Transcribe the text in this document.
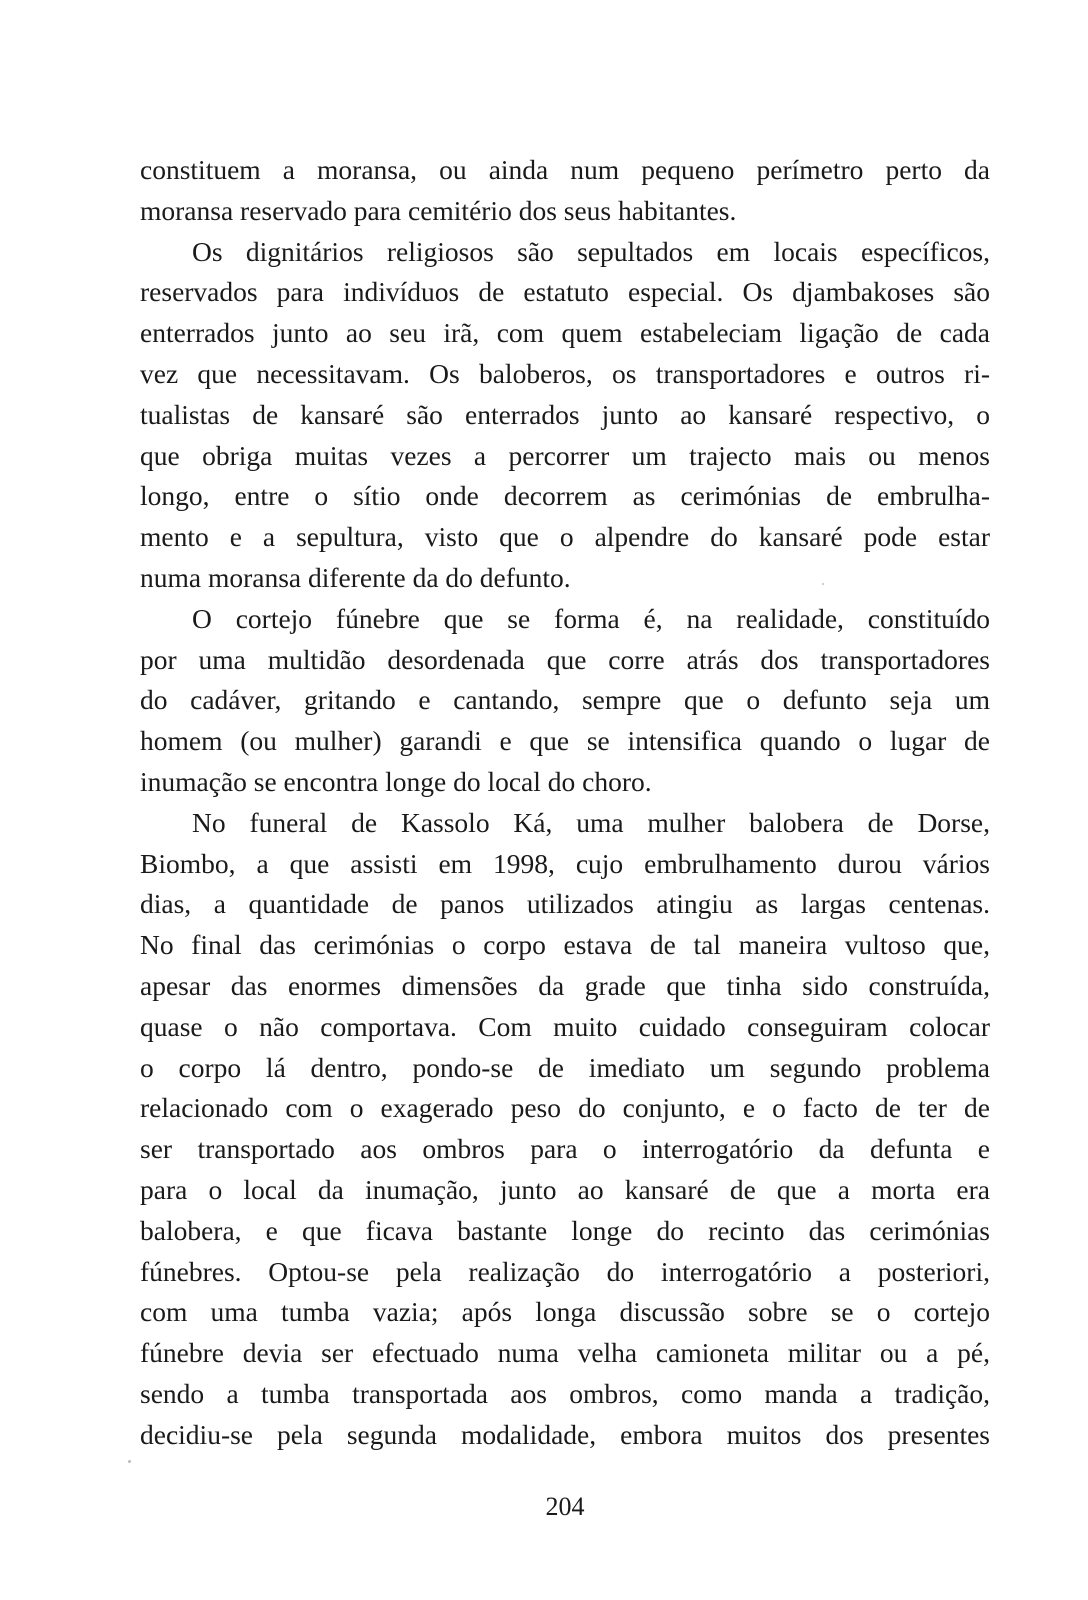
constituem a moransa, ou ainda num pequeno perímetro perto da
moransa reservado para cemitério dos seus habitantes.
Os dignitários religiosos são sepultados em locais específicos,
reservados para indivíduos de estatuto especial. Os djambakoses são
enterrados junto ao seu irã, com quem estabeleciam ligação de cada
vez que necessitavam. Os baloberos, os transportadores e outros ri-
tualistas de kansaré são enterrados junto ao kansaré respectivo, o
que obriga muitas vezes a percorrer um trajecto mais ou menos
longo, entre o sítio onde decorrem as cerimónias de embrulha-
mento e a sepultura, visto que o alpendre do kansaré pode estar
numa moransa diferente da do defunto.
O cortejo fúnebre que se forma é, na realidade, constituído
por uma multidão desordenada que corre atrás dos transportadores
do cadáver, gritando e cantando, sempre que o defunto seja um
homem (ou mulher) garandi e que se intensifica quando o lugar de
inumação se encontra longe do local do choro.
No funeral de Kassolo Ká, uma mulher balobera de Dorse,
Biombo, a que assisti em 1998, cujo embrulhamento durou vários
dias, a quantidade de panos utilizados atingiu as largas centenas.
No final das cerimónias o corpo estava de tal maneira vultoso que,
apesar das enormes dimensões da grade que tinha sido construída,
quase o não comportava. Com muito cuidado conseguiram colocar
o corpo lá dentro, pondo-se de imediato um segundo problema
relacionado com o exagerado peso do conjunto, e o facto de ter de
ser transportado aos ombros para o interrogatório da defunta e
para o local da inumação, junto ao kansaré de que a morta era
balobera, e que ficava bastante longe do recinto das cerimónias
fúnebres. Optou-se pela realização do interrogatório a posteriori,
com uma tumba vazia; após longa discussão sobre se o cortejo
fúnebre devia ser efectuado numa velha camioneta militar ou a pé,
sendo a tumba transportada aos ombros, como manda a tradição,
decidiu-se pela segunda modalidade, embora muitos dos presentes
204
